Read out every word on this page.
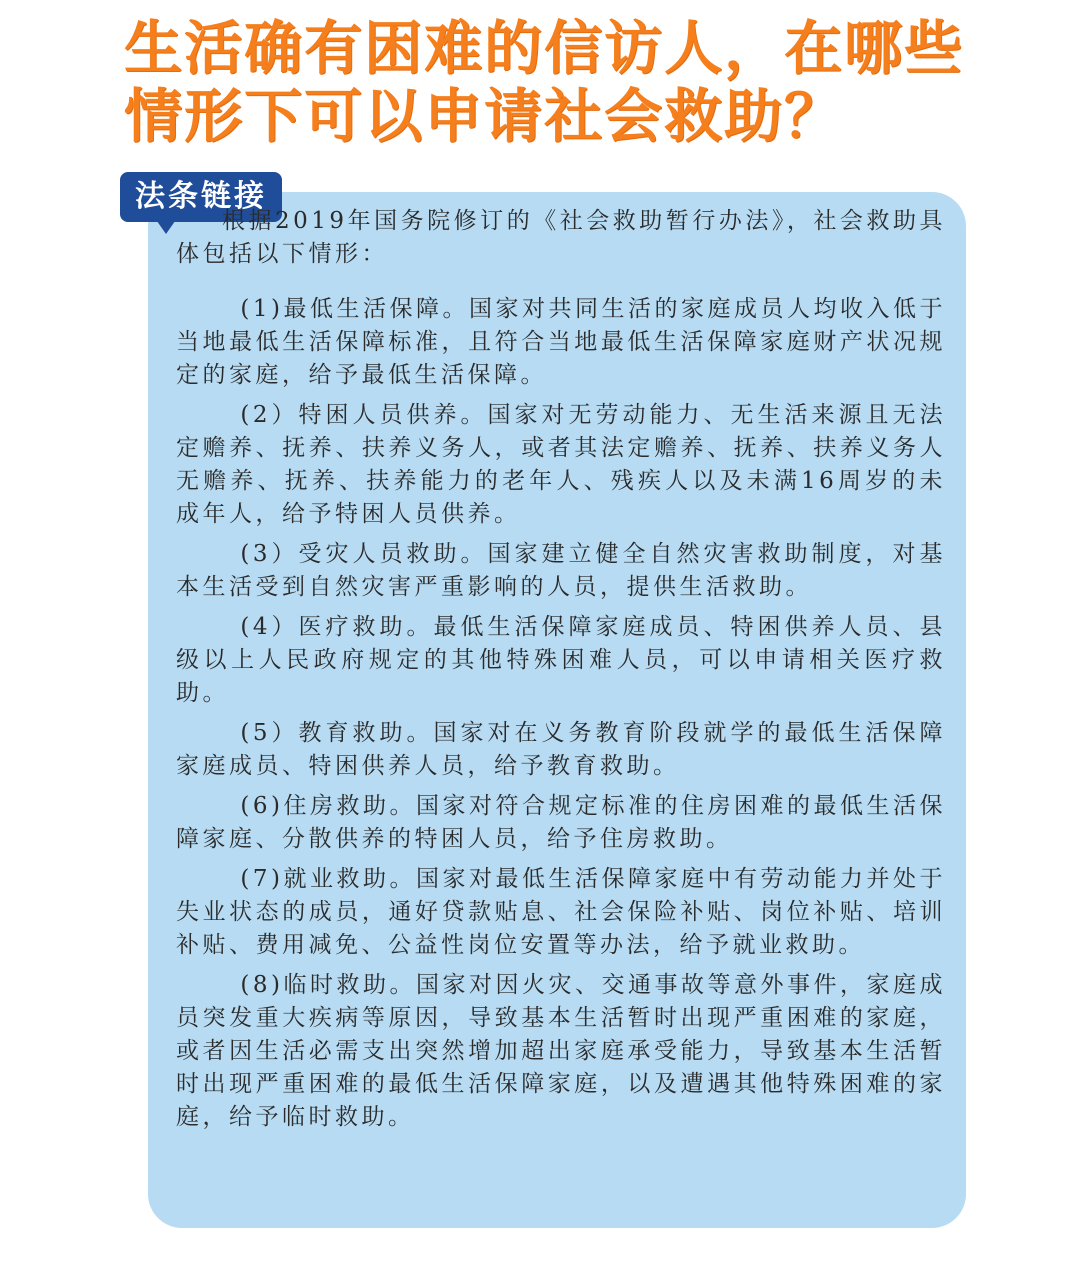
生活确有困难的信访人，在哪些情形下可以申请社会救助？
法条链接

根据2019年国务院修订的《社会救助暂行办法》，社会救助具体包括以下情形：

(1)最低生活保障。国家对共同生活的家庭成员人均收入低于当地最低生活保障标准，且符合当地最低生活保障家庭财产状况规定的家庭，给予最低生活保障。

(2）特困人员供养。国家对无劳动能力、无生活来源且无法定赡养、抚养、扶养义务人，或者其法定赡养、抚养、扶养义务人无赡养、抚养、扶养能力的老年人、残疾人以及未满16周岁的未成年人，给予特困人员供养。

(3）受灾人员救助。国家建立健全自然灾害救助制度，对基本生活受到自然灾害严重影响的人员，提供生活救助。

(4）医疗救助。最低生活保障家庭成员、特困供养人员、县级以上人民政府规定的其他特殊困难人员，可以申请相关医疗救助。

(5）教育救助。国家对在义务教育阶段就学的最低生活保障家庭成员、特困供养人员，给予教育救助。

(6)住房救助。国家对符合规定标准的住房困难的最低生活保障家庭、分散供养的特困人员，给予住房救助。

(7)就业救助。国家对最低生活保障家庭中有劳动能力并处于失业状态的成员，通好贷款贴息、社会保险补贴、岗位补贴、培训补贴、费用减免、公益性岗位安置等办法，给予就业救助。

(8)临时救助。国家对因火灾、交通事故等意外事件，家庭成员突发重大疾病等原因，导致基本生活暂时出现严重困难的家庭，或者因生活必需支出突然增加超出家庭承受能力，导致基本生活暂时出现严重困难的最低生活保障家庭，以及遭遇其他特殊困难的家庭，给予临时救助。
